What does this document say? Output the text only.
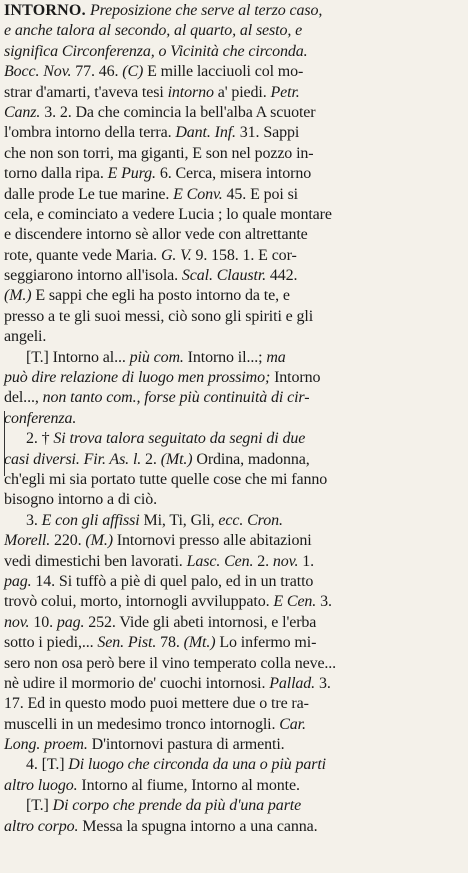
INTORNO. Preposizione che serve al terzo caso,
e anche talora al secondo, al quarto, al sesto, e
significa Circonferenza, o Vicinità che circonda.
Bocc. Nov. 77. 46. (C) E mille lacciuoli col mo-
strar d'amarti, t'aveva tesi intorno a' piedi. Petr.
Canz. 3. 2. Da che comincia la bell'alba A scuoter
l'ombra intorno della terra. Dant. Inf. 31. Sappi
che non son torri, ma giganti, E son nel pozzo in-
torno dalla ripa. E Purg. 6. Cerca, misera intorno
dalle prode Le tue marine. E Conv. 45. E poi si
cela, e cominciato a vedere Lucia ; lo quale montare
e discendere intorno sè allor vede con altrettante
rote, quante vede Maria. G. V. 9. 158. 1. E cor-
seggiarono intorno all'isola. Scal. Claustr. 442.
(M.) E sappi che egli ha posto intorno da te, e
presso a te gli suoi messi, ciò sono gli spiriti e gli
angeli.
[T.] Intorno al... più com. Intorno il...; ma
può dire relazione di luogo men prossimo; Intorno
del..., non tanto com., forse più continuità di cir-
conferenza.
2. † Si trova talora seguitato da segni di due
casi diversi. Fir. As. l. 2. (Mt.) Ordina, madonna,
ch'egli mi sia portato tutte quelle cose che mi fanno
bisogno intorno a di ciò.
3. E con gli affissi Mi, Ti, Gli, ecc. Cron.
Morell. 220. (M.) Intornovi presso alle abitazioni
vedi dimestichi ben lavorati. Lasc. Cen. 2. nov. 1.
pag. 14. Si tuffò a piè di quel palo, ed in un tratto
trovò colui, morto, intornogli avviluppato. E Cen. 3.
nov. 10. pag. 252. Vide gli abeti intornosi, e l'erba
sotto i piedi,... Sen. Pist. 78. (Mt.) Lo infermo mi-
sero non osa però bere il vino temperato colla neve...
nè udire il mormorio de' cuochi intornosi. Pallad. 3.
17. Ed in questo modo puoi mettere due o tre ra-
muscelli in un medesimo tronco intornogli. Car.
Long. proem. D'intornovi pastura di armenti.
4. [T.] Di luogo che circonda da una o più parti
altro luogo. Intorno al fiume, Intorno al monte.
[T.] Di corpo che prende da più d'una parte
altro corpo. Messa la spugna intorno a una canna.
